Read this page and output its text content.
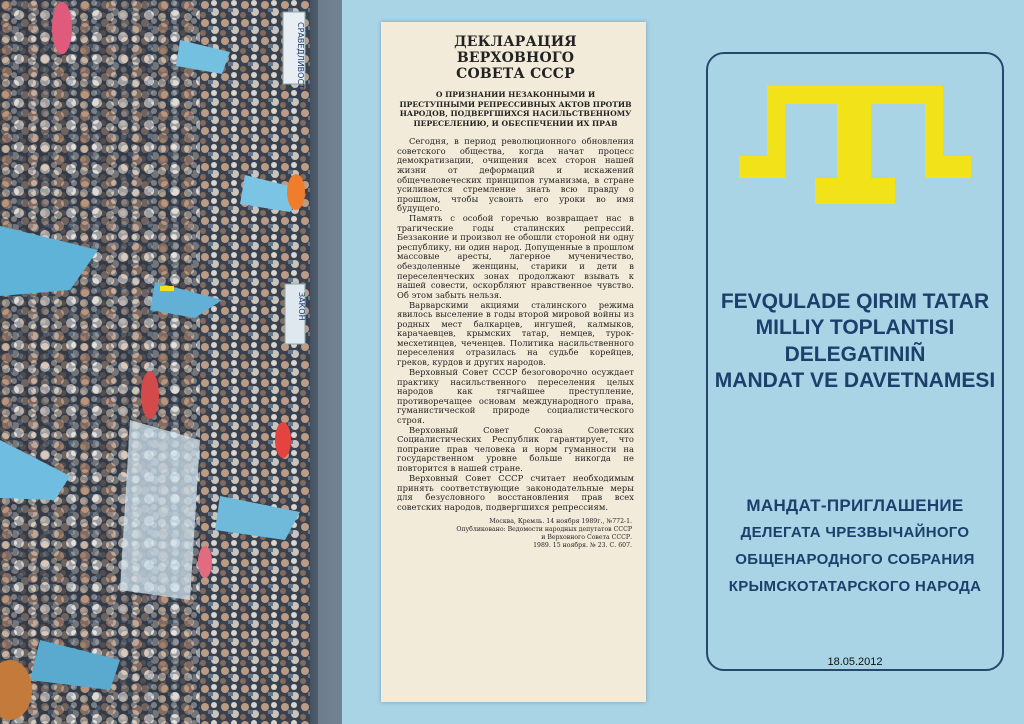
СРАВЕДЛИВОСТЬ
ЗАКОН
ДЕКЛАРАЦИЯ ВЕРХОВНОГО
СОВЕТА СССР
О ПРИЗНАНИИ НЕЗАКОННЫМИ И ПРЕСТУПНЫМИ РЕПРЕССИВНЫХ АКТОВ ПРОТИВ НАРОДОВ, ПОДВЕРГШИХСЯ НАСИЛЬСТВЕННОМУ ПЕРЕСЕЛЕНИЮ, И ОБЕСПЕЧЕНИИ ИХ ПРАВ

Сегодня, в период революционного обновления советского общества, когда начат процесс демократизации, очищения всех сторон нашей жизни от деформаций и искажений общечеловеческих принципов гуманизма, в стране усиливается стремление знать всю правду о прошлом, чтобы усвоить его уроки во имя будущего.

Память с особой горечью возвращает нас в трагические годы сталинских репрессий. Беззаконие и произвол не обошли стороной ни одну республику, ни один народ. Допущенные в прошлом массовые аресты, лагерное мученичество, обездоленные женщины, старики и дети в переселенческих зонах продолжают взывать к нашей совести, оскорбляют нравственное чувство. Об этом забыть нельзя.

Варварскими акциями сталинского режима явилось выселение в годы второй мировой войны из родных мест балкарцев, ингушей, калмыков, карачаевцев, крымских татар, немцев, турок-месхетинцев, чеченцев. Политика насильственного переселения отразилась на судьбе корейцев, греков, курдов и других народов.

Верховный Совет СССР безоговорочно осуждает практику насильственного переселения целых народов как тягчайшее преступление, противоречащее основам международного права, гуманистической природе социалистического строя.

Верховный Совет Союза Советских Социалистических Республик гарантирует, что попрание прав человека и норм гуманности на государственном уровне больше никогда не повторится в нашей стране.

Верховный Совет СССР считает необходимым принять соответствующие законодательные меры для безусловного восстановления прав всех советских народов, подвергшихся репрессиям.

Москва, Кремль. 14 ноября 1989г., №772-1.
Опубликовано: Ведомости народных депутатов СССР
и Верховного Совета СССР.
1989. 15 ноября. № 23. С. 607.
FEVQULADE QIRIM TATAR
MILLIY TOPLANTISI
DELEGATINIÑ
MANDAT VE DAVETNAMESI
МАНДАТ-ПРИГЛАШЕНИЕ
ДЕЛЕГАТА ЧРЕЗВЫЧАЙНОГО
ОБЩЕНАРОДНОГО СОБРАНИЯ
КРЫМСКОТАТАРСКОГО НАРОДА
18.05.2012
